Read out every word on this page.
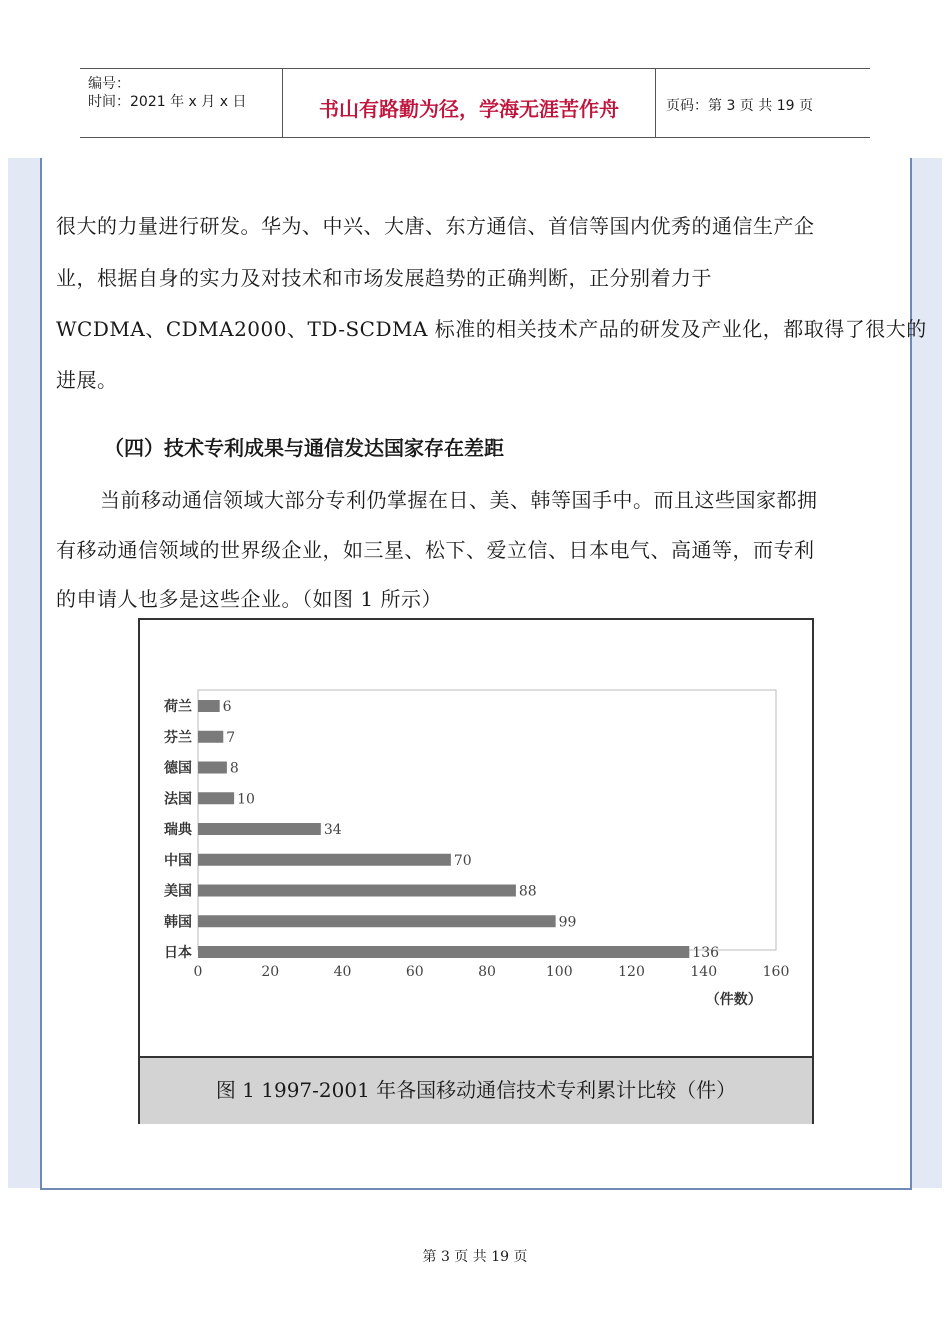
编号：
时间：2021 年 x 月 x 日	书山有路勤为径，学海无涯苦作舟	页码：第 3 页 共 19 页
很大的力量进行研发。华为、中兴、大唐、东方通信、首信等国内优秀的通信生产企
业，根据自身的实力及对技术和市场发展趋势的正确判断，正分别着力于
WCDMA、CDMA2000、TD-SCDMA 标准的相关技术产品的研发及产业化，都取得了很大的
进展。
（四）技术专利成果与通信发达国家存在差距
当前移动通信领域大部分专利仍掌握在日、美、韩等国手中。而且这些国家都拥
有移动通信领域的世界级企业，如三星、松下、爱立信、日本电气、高通等，而专利
的申请人也多是这些企业。（如图 1 所示）
荷兰 6
芬兰 7
德国	8
法国	10
瑞典	34
中国	70
美国	88
韩国	99
日本	136
0	20	40	60	80	100	120	140	160
（件数）
图 1 1997-2001 年各国移动通信技术专利累计比较（件）
第 3 页 共 19 页
